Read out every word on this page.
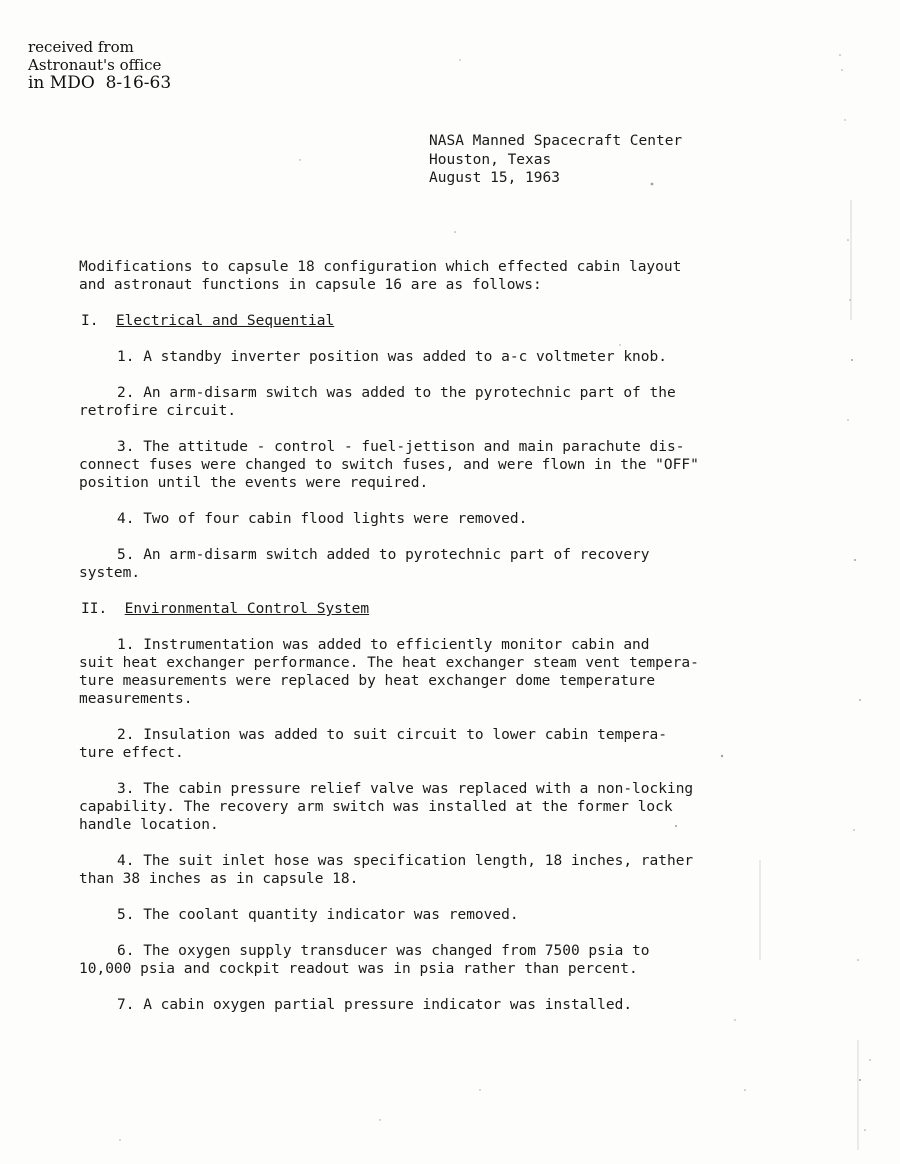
received from
Astronaut's office
in MDO  8-16-63
NASA Manned Spacecraft Center
Houston, Texas
August 15, 1963
Modifications to capsule 18 configuration which effected cabin layout
and astronaut functions in capsule 16 are as follows:
I. Electrical and Sequential
1. A standby inverter position was added to a-c voltmeter knob.
2. An arm-disarm switch was added to the pyrotechnic part of the
retrofire circuit.
3. The attitude - control - fuel-jettison and main parachute dis-
connect fuses were changed to switch fuses, and were flown in the "OFF"
position until the events were required.
4. Two of four cabin flood lights were removed.
5. An arm-disarm switch added to pyrotechnic part of recovery
system.
II. Environmental Control System
1. Instrumentation was added to efficiently monitor cabin and
suit heat exchanger performance. The heat exchanger steam vent tempera-
ture measurements were replaced by heat exchanger dome temperature
measurements.
2. Insulation was added to suit circuit to lower cabin tempera-
ture effect.
3. The cabin pressure relief valve was replaced with a non-locking
capability. The recovery arm switch was installed at the former lock
handle location.
4. The suit inlet hose was specification length, 18 inches, rather
than 38 inches as in capsule 18.
5. The coolant quantity indicator was removed.
6. The oxygen supply transducer was changed from 7500 psia to
10,000 psia and cockpit readout was in psia rather than percent.
7. A cabin oxygen partial pressure indicator was installed.
